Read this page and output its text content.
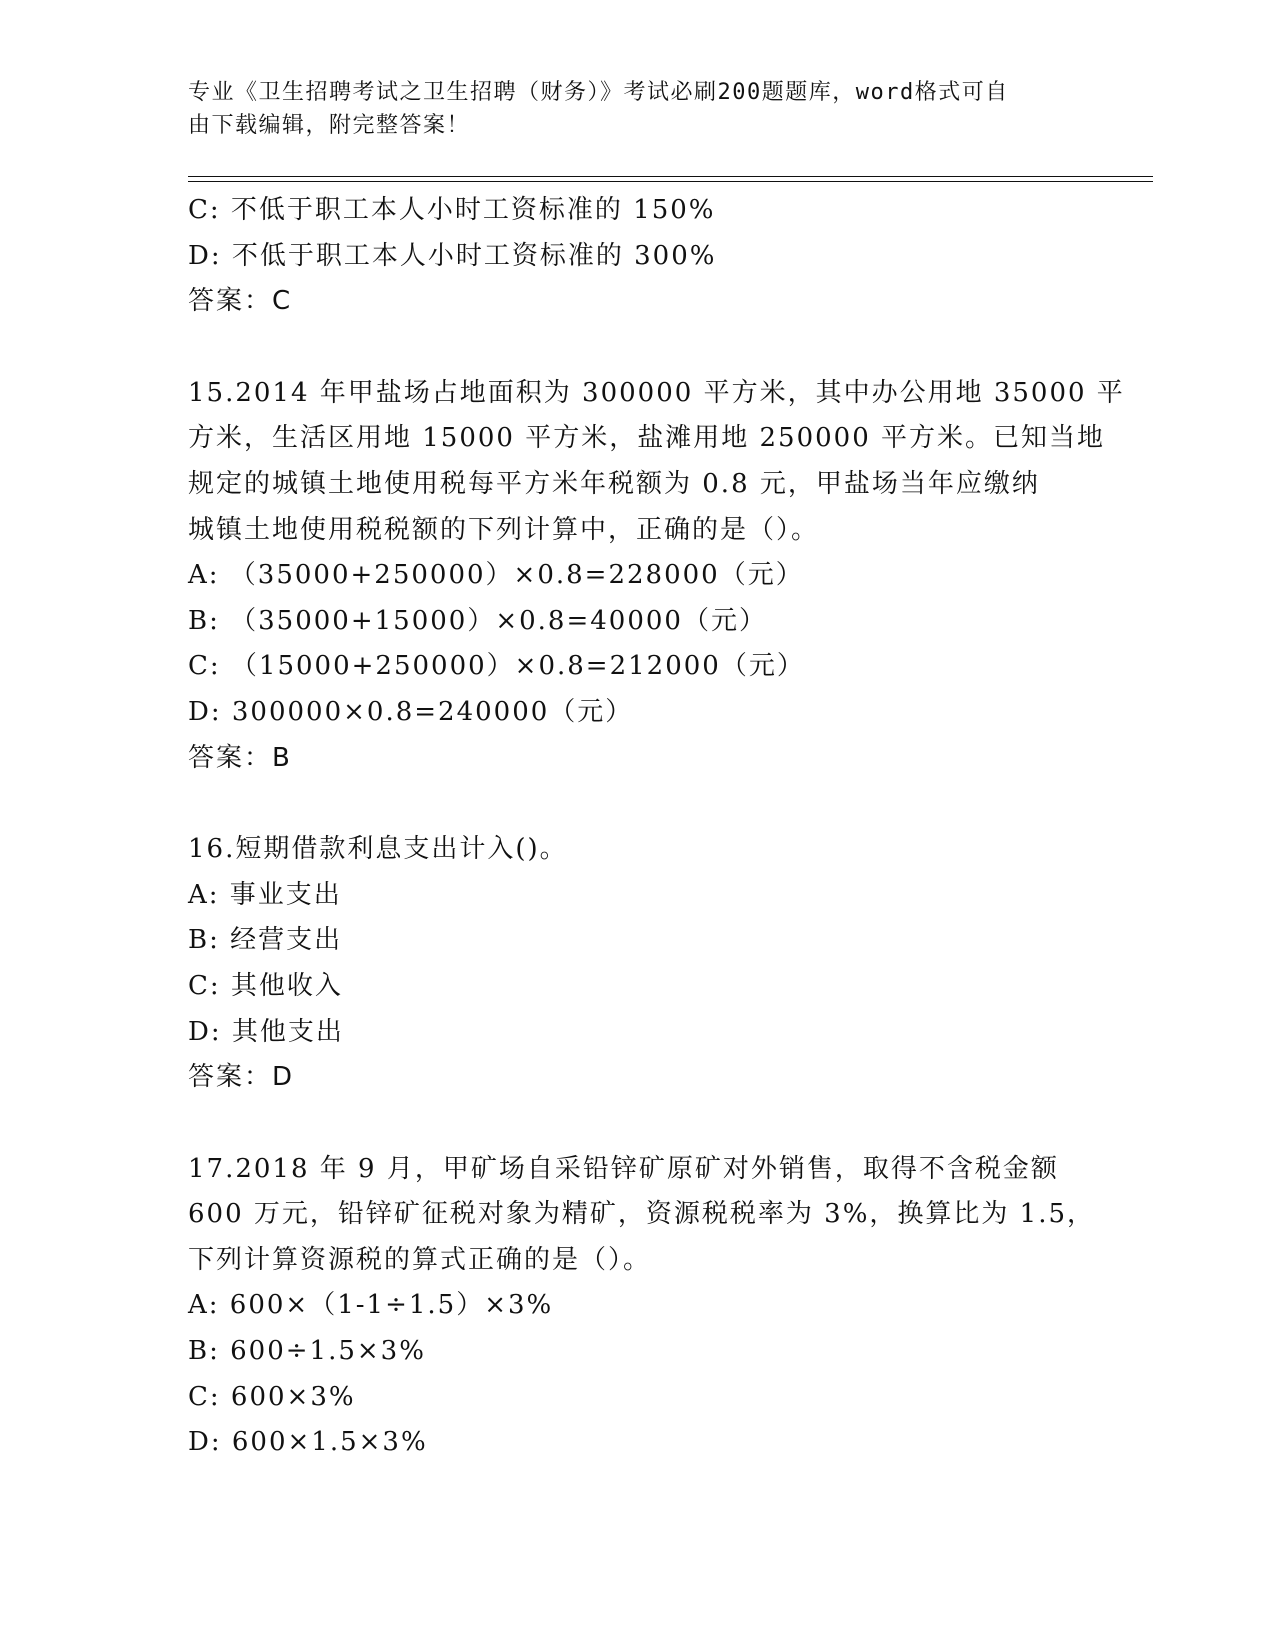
专业《卫生招聘考试之卫生招聘（财务）》考试必刷200题题库，word格式可自
由下载编辑，附完整答案！
C: 不低于职工本人小时工资标准的 150%
D: 不低于职工本人小时工资标准的 300%
答案：C
15.2014 年甲盐场占地面积为 300000 平方米，其中办公用地 35000 平
方米，生活区用地 15000 平方米，盐滩用地 250000 平方米。已知当地
规定的城镇土地使用税每平方米年税额为 0.8 元，甲盐场当年应缴纳
城镇土地使用税税额的下列计算中，正确的是（）。
A: （35000+250000）×0.8=228000（元）
B: （35000+15000）×0.8=40000（元）
C: （15000+250000）×0.8=212000（元）
D: 300000×0.8=240000（元）
答案：B
16.短期借款利息支出计入()。
A: 事业支出
B: 经营支出
C: 其他收入
D: 其他支出
答案：D
17.2018 年 9 月，甲矿场自采铅锌矿原矿对外销售，取得不含税金额
600 万元，铅锌矿征税对象为精矿，资源税税率为 3%，换算比为 1.5，
下列计算资源税的算式正确的是（）。
A: 600×（1-1÷1.5）×3%
B: 600÷1.5×3%
C: 600×3%
D: 600×1.5×3%
